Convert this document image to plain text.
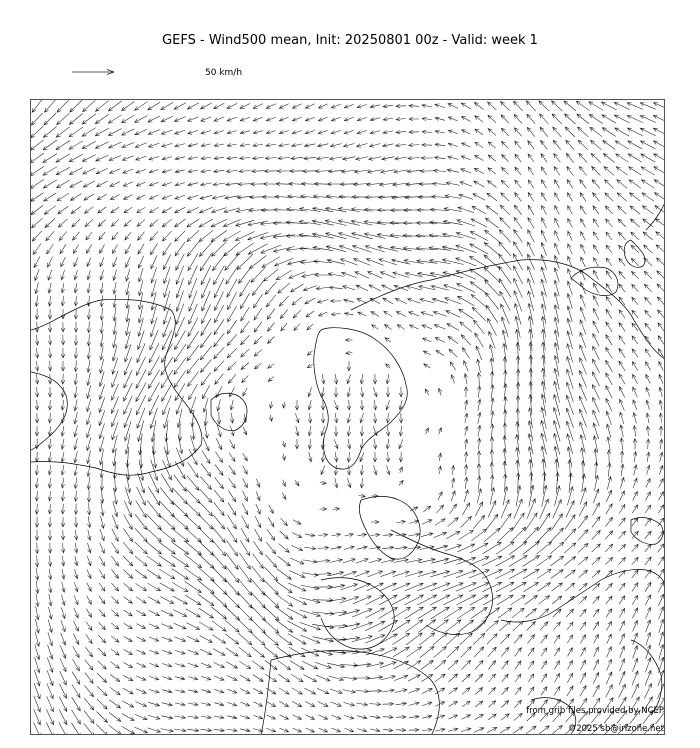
GEFS - Wind500 mean, Init: 20250801 00z - Valid: week 1
50 km/h
from grib files provided by NCEP
©2025 sb@irizone.net
